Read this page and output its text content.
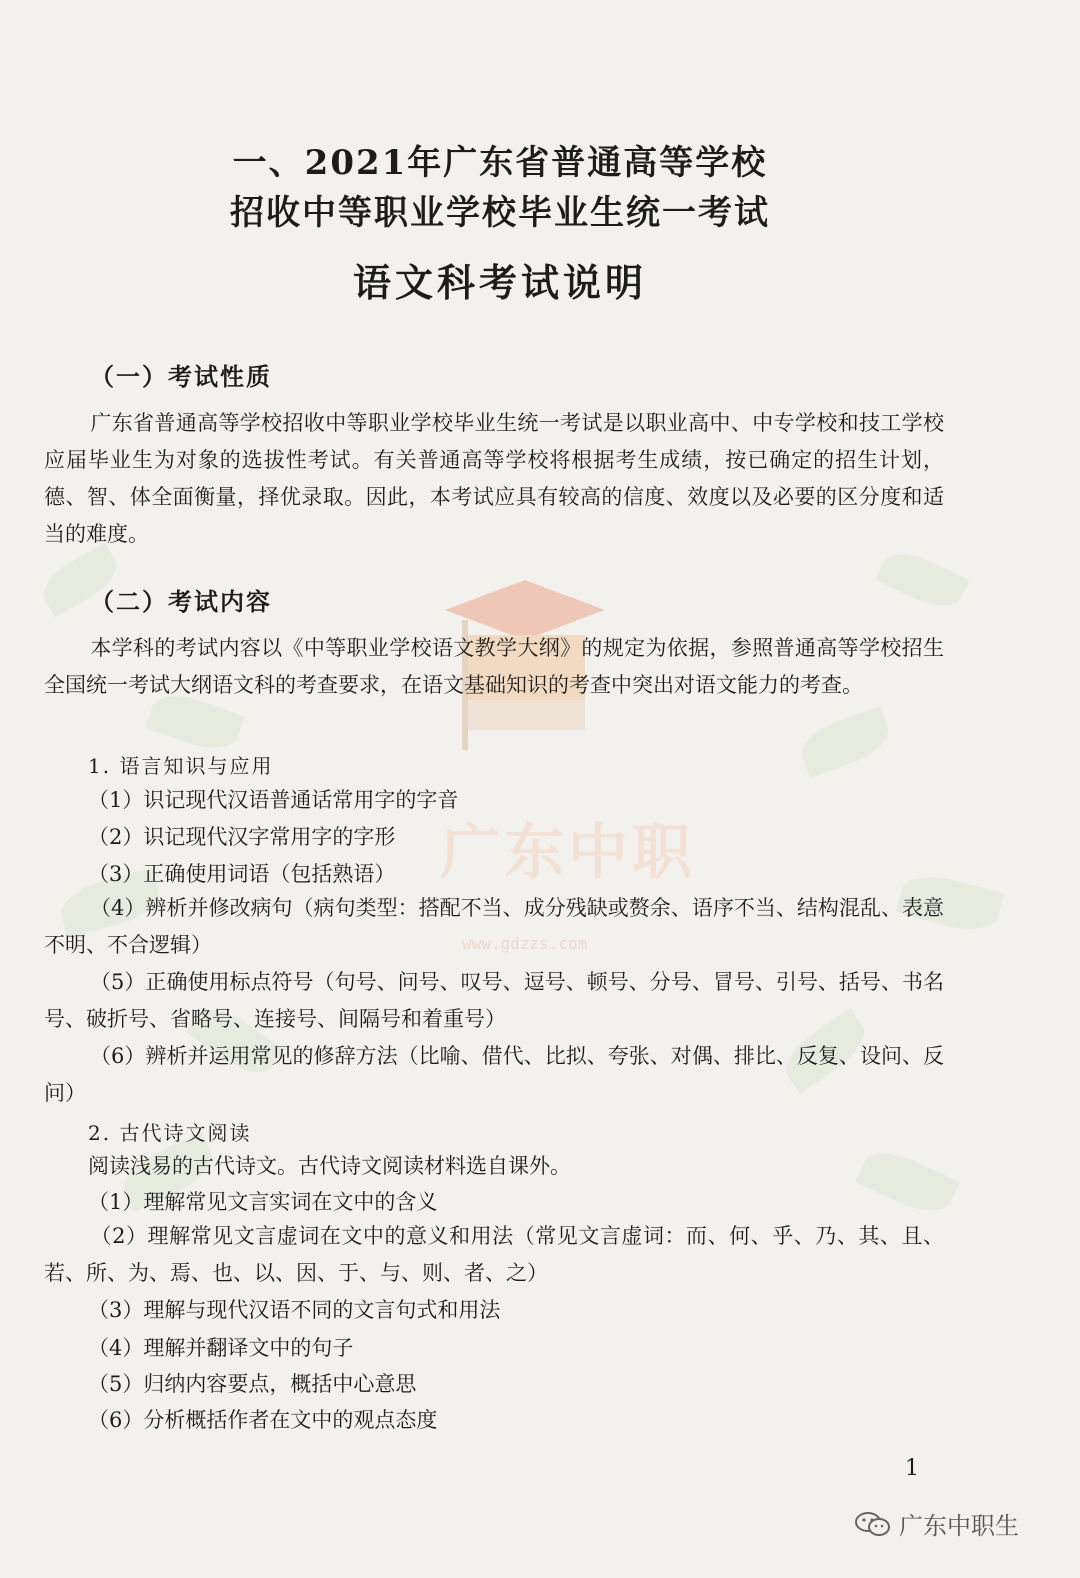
广东中职
www.gdzzs.com
一、2021年广东省普通高等学校
招收中等职业学校毕业生统一考试
语文科考试说明
（一）考试性质
广东省普通高等学校招收中等职业学校毕业生统一考试是以职业高中、中专学校和技工学校应届毕业生为对象的选拔性考试。有关普通高等学校将根据考生成绩，按已确定的招生计划，德、智、体全面衡量，择优录取。因此，本考试应具有较高的信度、效度以及必要的区分度和适当的难度。
（二）考试内容
本学科的考试内容以《中等职业学校语文教学大纲》的规定为依据，参照普通高等学校招生全国统一考试大纲语文科的考查要求，在语文基础知识的考查中突出对语文能力的考查。
1. 语言知识与应用
（1）识记现代汉语普通话常用字的字音
（2）识记现代汉字常用字的字形
（3）正确使用词语（包括熟语）
（4）辨析并修改病句（病句类型：搭配不当、成分残缺或赘余、语序不当、结构混乱、表意不明、不合逻辑）
（5）正确使用标点符号（句号、问号、叹号、逗号、顿号、分号、冒号、引号、括号、书名号、破折号、省略号、连接号、间隔号和着重号）
（6）辨析并运用常见的修辞方法（比喻、借代、比拟、夸张、对偶、排比、反复、设问、反问）
2. 古代诗文阅读
阅读浅易的古代诗文。古代诗文阅读材料选自课外。
（1）理解常见文言实词在文中的含义
（2）理解常见文言虚词在文中的意义和用法（常见文言虚词：而、何、乎、乃、其、且、若、所、为、焉、也、以、因、于、与、则、者、之）
（3）理解与现代汉语不同的文言句式和用法
（4）理解并翻译文中的句子
（5）归纳内容要点，概括中心意思
（6）分析概括作者在文中的观点态度
1
广东中职生
